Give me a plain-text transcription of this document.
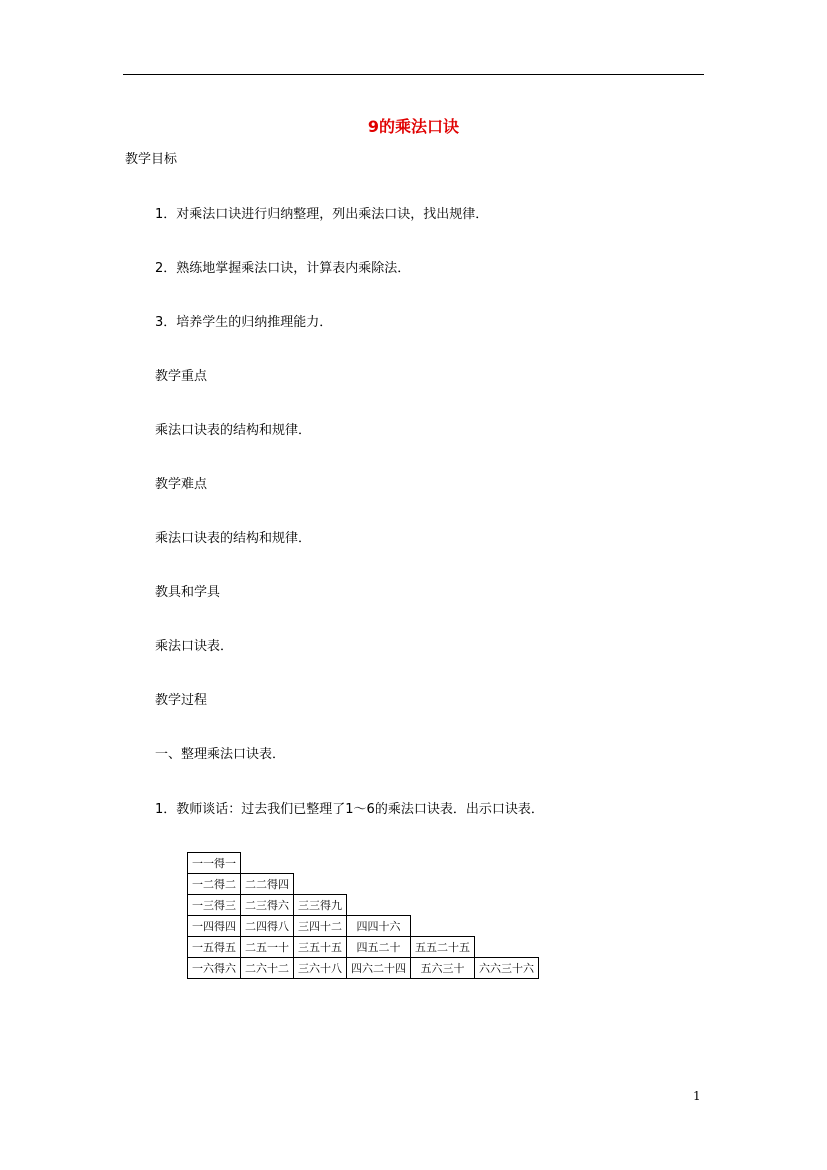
9的乘法口诀
教学目标
1．对乘法口诀进行归纳整理，列出乘法口诀，找出规律．
2．熟练地掌握乘法口诀，计算表内乘除法．
3．培养学生的归纳推理能力．
教学重点
乘法口诀表的结构和规律．
教学难点
乘法口诀表的结构和规律．
教具和学具
乘法口诀表．
教学过程
一、整理乘法口诀表．
1．教师谈话：过去我们已整理了1～6的乘法口诀表．出示口诀表．
一一得一					
一二得二	二二得四				
一三得三	二三得六	三三得九			
一四得四	二四得八	三四十二	四四十六		
一五得五	二五一十	三五十五	四五二十	五五二十五	
一六得六	二六十二	三六十八	四六二十四	五六三十	六六三十六
1
